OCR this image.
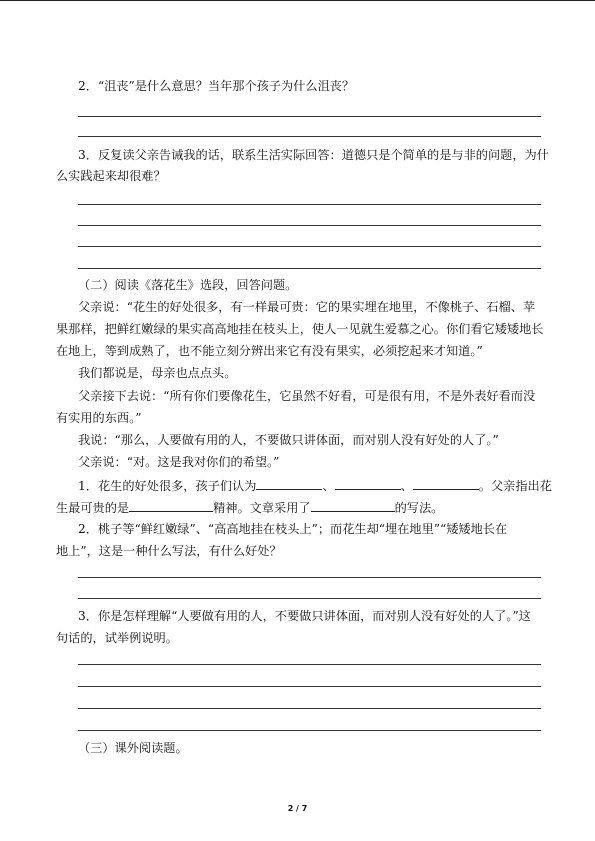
2．“沮丧”是什么意思？当年那个孩子为什么沮丧？
3．反复读父亲告诫我的话，联系生活实际回答：道德只是个简单的是与非的问题，为什
么实践起来却很难？
（二）阅读《落花生》选段，回答问题。
父亲说：“花生的好处很多，有一样最可贵：它的果实埋在地里，不像桃子、石榴、苹
果那样，把鲜红嫩绿的果实高高地挂在枝头上，使人一见就生爱慕之心。你们看它矮矮地长
在地上，等到成熟了，也不能立刻分辨出来它有没有果实，必须挖起来才知道。”
我们都说是，母亲也点点头。
父亲接下去说：“所有你们要像花生，它虽然不好看，可是很有用，不是外表好看而没
有实用的东西。”
我说：“那么，人要做有用的人，不要做只讲体面，而对别人没有好处的人了。”
父亲说：“对。这是我对你们的希望。”
1．花生的好处很多，孩子们认为	、	、	。父亲指出花
生最可贵的是	精神。文章采用了	的写法。
2．桃子等“鲜红嫩绿”、“高高地挂在枝头上”；而花生却“埋在地里”“矮矮地长在
地上”，这是一种什么写法，有什么好处？
3．你是怎样理解“人要做有用的人，不要做只讲体面，而对别人没有好处的人了。”这
句话的，试举例说明。
（三）课外阅读题。
2 / 7
